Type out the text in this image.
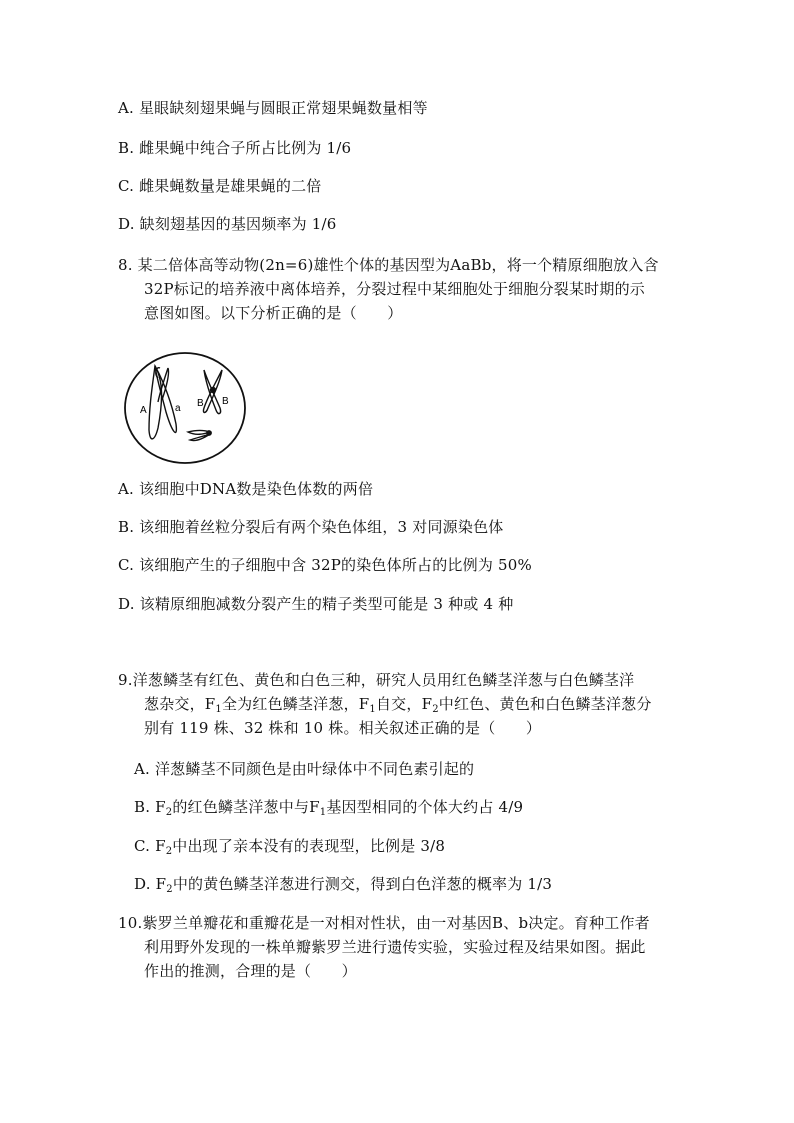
A. 星眼缺刻翅果蝇与圆眼正常翅果蝇数量相等
B. 雌果蝇中纯合子所占比例为 1/6
C. 雌果蝇数量是雄果蝇的二倍
D. 缺刻翅基因的基因频率为 1/6
8. 某二倍体高等动物(2n=6)雄性个体的基因型为AaBb，将一个精原细胞放入含
32P标记的培养液中离体培养，分裂过程中某细胞处于细胞分裂某时期的示
意图如图。以下分析正确的是（　　）
A	a B B
A. 该细胞中DNA数是染色体数的两倍
B. 该细胞着丝粒分裂后有两个染色体组，3 对同源染色体
C. 该细胞产生的子细胞中含 32P的染色体所占的比例为 50%
D. 该精原细胞减数分裂产生的精子类型可能是 3 种或 4 种
9.洋葱鳞茎有红色、黄色和白色三种，研究人员用红色鳞茎洋葱与白色鳞茎洋
葱杂交，$F_1$全为红色鳞茎洋葱，$F_1$自交，$F_2$中红色、黄色和白色鳞茎洋葱分
别有 119 株、32 株和 10 株。相关叙述正确的是（　　）
A. 洋葱鳞茎不同颜色是由叶绿体中不同色素引起的
B. $F_2$的红色鳞茎洋葱中与$F_1$基因型相同的个体大约占 4/9
C. $F_2$中出现了亲本没有的表现型，比例是 3/8
D. $F_2$中的黄色鳞茎洋葱进行测交，得到白色洋葱的概率为 1/3
10.紫罗兰单瓣花和重瓣花是一对相对性状，由一对基因B、b决定。育种工作者
利用野外发现的一株单瓣紫罗兰进行遗传实验，实验过程及结果如图。据此
作出的推测，合理的是（　　）
